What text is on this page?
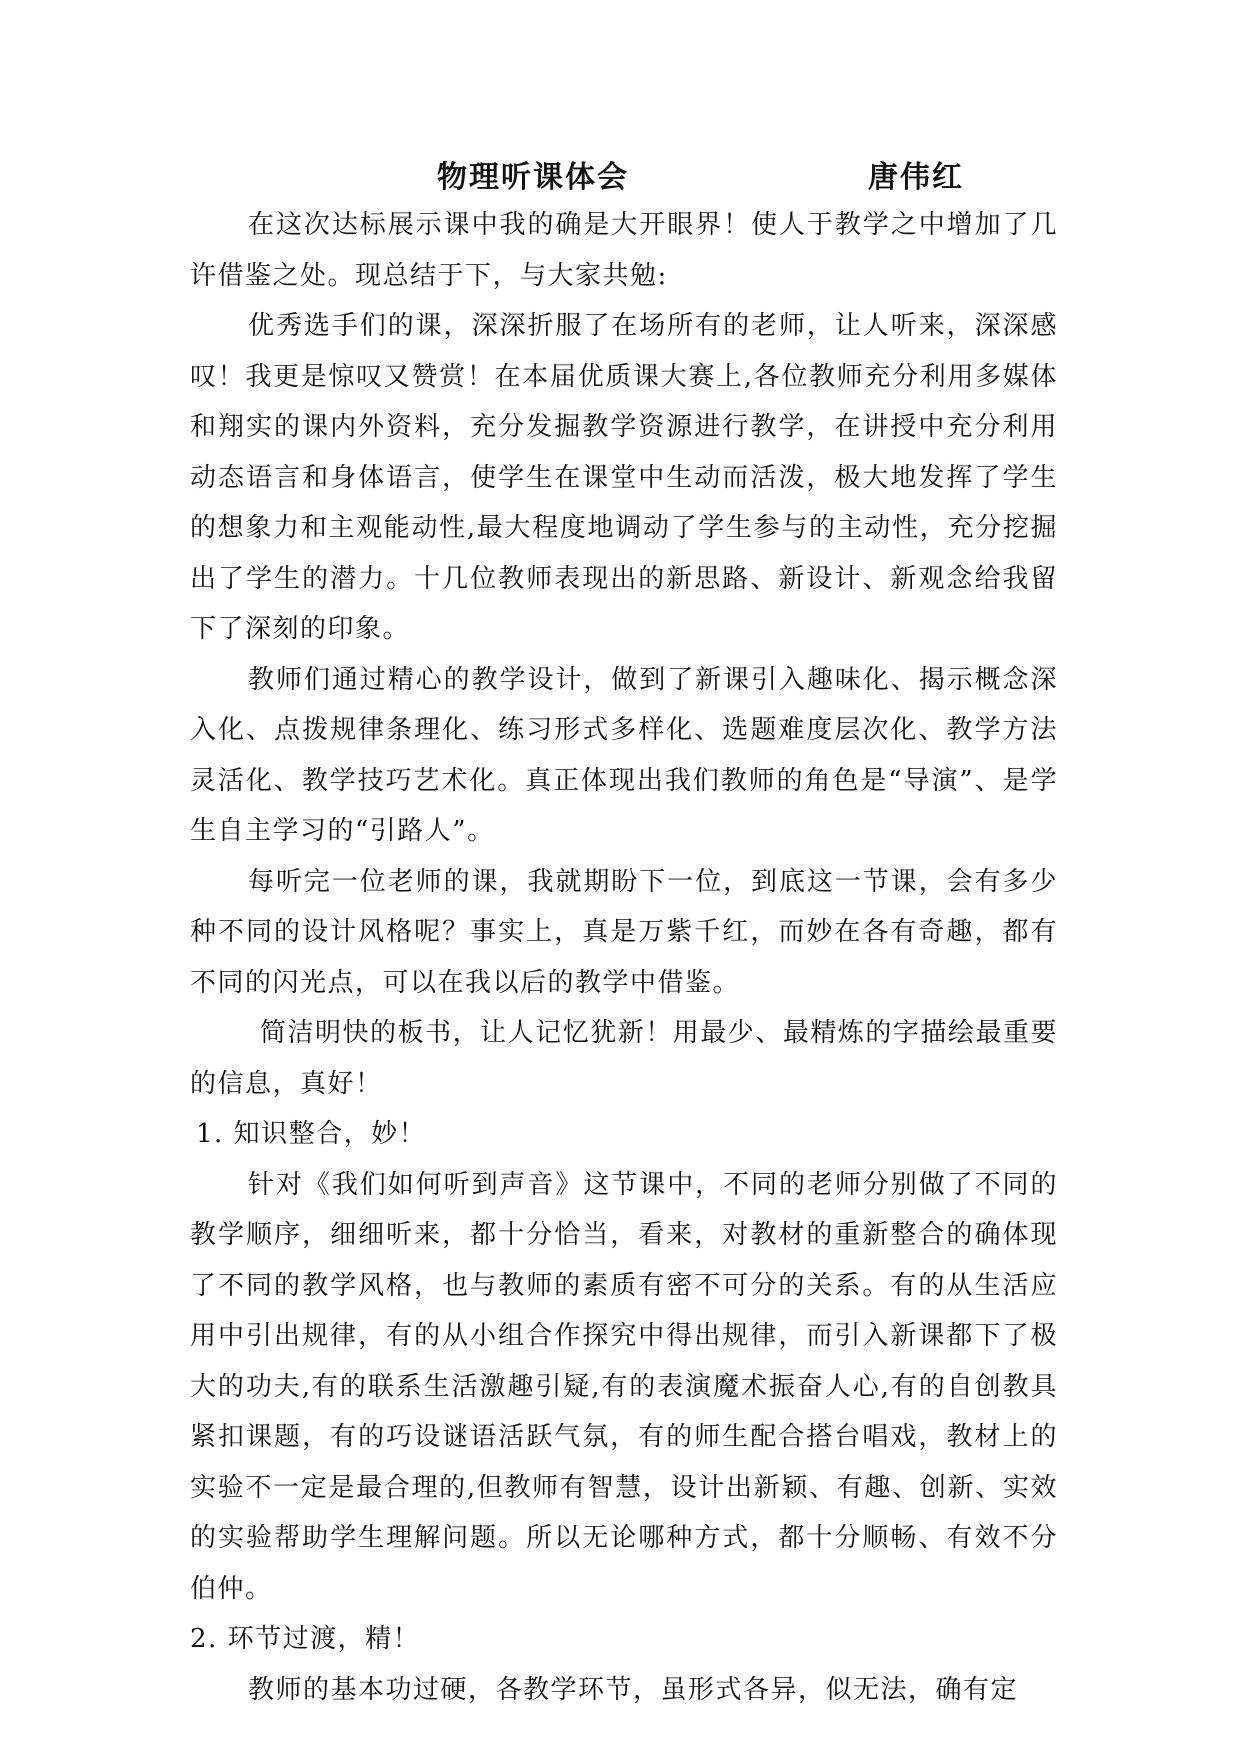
物理听课体会	唐伟红

在这次达标展示课中我的确是大开眼界！使人于教学之中增加了几许借鉴之处。现总结于下，与大家共勉:

优秀选手们的课，深深折服了在场所有的老师，让人听来，深深感叹！我更是惊叹又赞赏！在本届优质课大赛上,各位教师充分利用多媒体和翔实的课内外资料，充分发掘教学资源进行教学，在讲授中充分利用动态语言和身体语言，使学生在课堂中生动而活泼，极大地发挥了学生的想象力和主观能动性,最大程度地调动了学生参与的主动性，充分挖掘出了学生的潜力。十几位教师表现出的新思路、新设计、新观念给我留下了深刻的印象。

教师们通过精心的教学设计，做到了新课引入趣味化、揭示概念深入化、点拨规律条理化、练习形式多样化、选题难度层次化、教学方法灵活化、教学技巧艺术化。真正体现出我们教师的角色是“导演”、是学生自主学习的“引路人”。

每听完一位老师的课，我就期盼下一位，到底这一节课，会有多少种不同的设计风格呢？事实上，真是万紫千红，而妙在各有奇趣，都有不同的闪光点，可以在我以后的教学中借鉴。

简洁明快的板书，让人记忆犹新！用最少、最精炼的字描绘最重要的信息，真好！

1. 知识整合，妙！

针对《我们如何听到声音》这节课中，不同的老师分别做了不同的教学顺序，细细听来，都十分恰当，看来，对教材的重新整合的确体现了不同的教学风格，也与教师的素质有密不可分的关系。有的从生活应用中引出规律，有的从小组合作探究中得出规律，而引入新课都下了极大的功夫,有的联系生活激趣引疑,有的表演魔术振奋人心,有的自创教具紧扣课题，有的巧设谜语活跃气氛，有的师生配合搭台唱戏，教材上的实验不一定是最合理的,但教师有智慧，设计出新颖、有趣、创新、实效的实验帮助学生理解问题。所以无论哪种方式，都十分顺畅、有效不分伯仲。

2. 环节过渡，精！

教师的基本功过硬，各教学环节，虽形式各异，似无法，确有定
